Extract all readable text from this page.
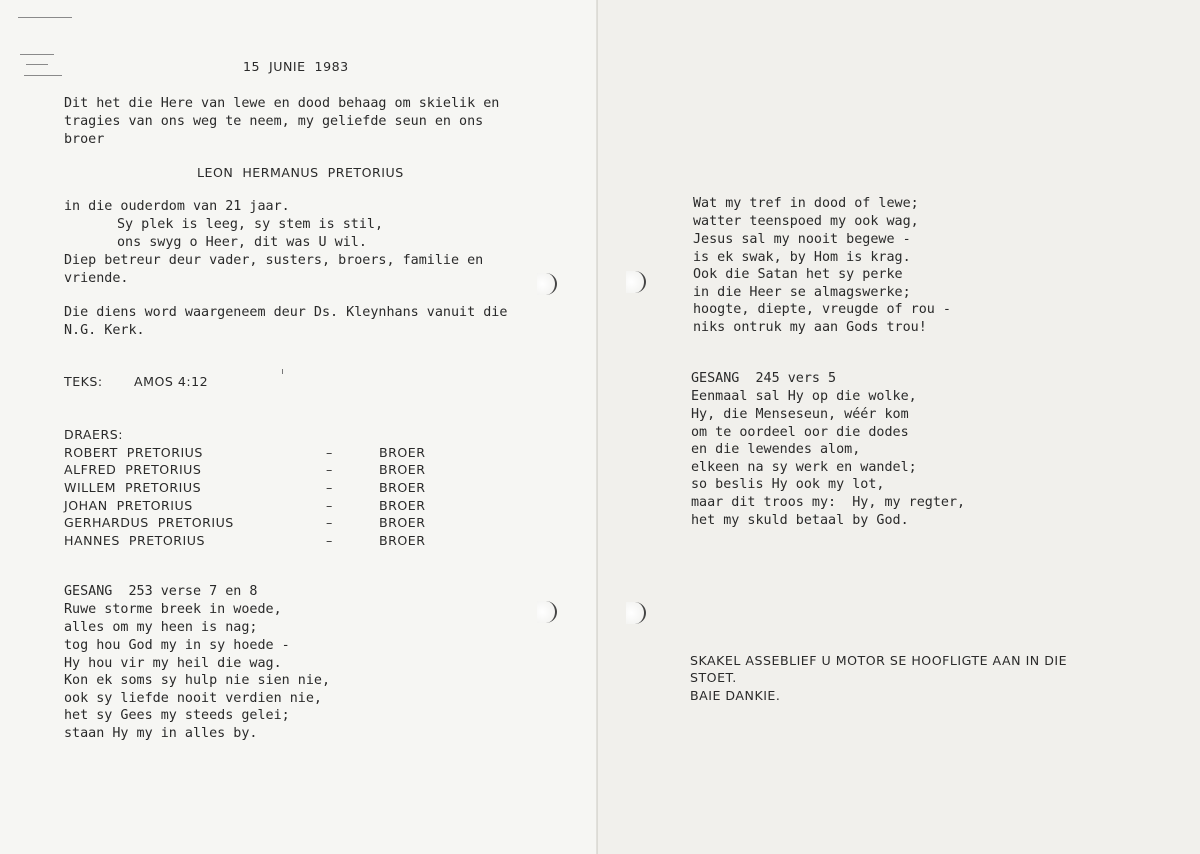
15  JUNIE  1983
Dit het die Here van lewe en dood behaag om skielik en
tragies van ons weg te neem, my geliefde seun en ons
broer
LEON  HERMANUS  PRETORIUS
in die ouderdom van 21 jaar.
Sy plek is leeg, sy stem is stil,
ons swyg o Heer, dit was U wil.
Diep betreur deur vader, susters, broers, familie en
vriende.
Die diens word waargeneem deur Ds. Kleynhans vanuit die
N.G. Kerk.
TEKS: AMOS 4:12
DRAERS:
ROBERT  PRETORIUS	–	BROER
ALFRED  PRETORIUS	–	BROER
WILLEM  PRETORIUS	–	BROER
JOHAN  PRETORIUS	–	BROER
GERHARDUS  PRETORIUS	–	BROER
HANNES  PRETORIUS	–	BROER
GESANG  253 verse 7 en 8
Ruwe storme breek in woede,
alles om my heen is nag;
tog hou God my in sy hoede -
Hy hou vir my heil die wag.
Kon ek soms sy hulp nie sien nie,
ook sy liefde nooit verdien nie,
het sy Gees my steeds gelei;
staan Hy my in alles by.
Wat my tref in dood of lewe;
watter teenspoed my ook wag,
Jesus sal my nooit begewe -
is ek swak, by Hom is krag.
Ook die Satan het sy perke
in die Heer se almagswerke;
hoogte, diepte, vreugde of rou -
niks ontruk my aan Gods trou!
GESANG  245 vers 5
Eenmaal sal Hy op die wolke,
Hy, die Menseseun, wéér kom
om te oordeel oor die dodes
en die lewendes alom,
elkeen na sy werk en wandel;
so beslis Hy ook my lot,
maar dit troos my:  Hy, my regter,
het my skuld betaal by God.
SKAKEL ASSEBLIEF U MOTOR SE HOOFLIGTE AAN IN DIE
STOET.
BAIE DANKIE.
